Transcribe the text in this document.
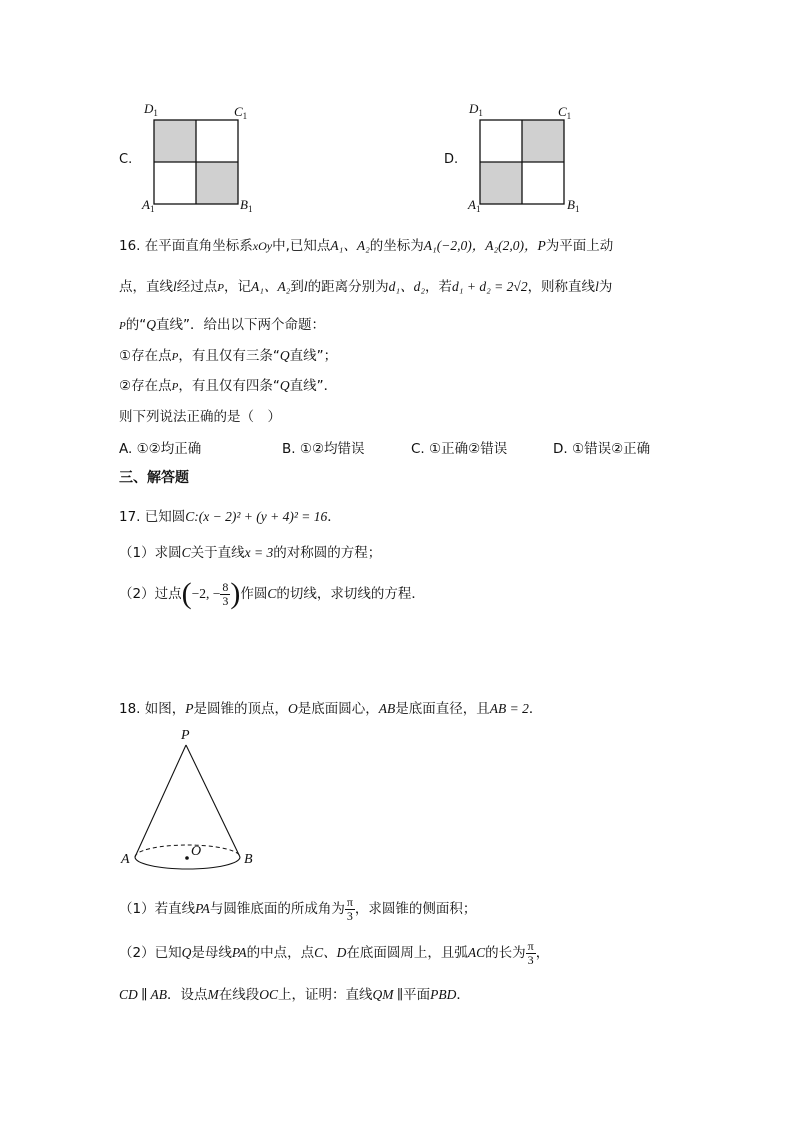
C.
$D_1$	$C_1$
$A_1$	$B_1$
D.
$D_1$	$C_1$
$A_1$	$B_1$
16. 在平面直角坐标系xOy中,已知点A₁、A₂的坐标为A₁(−2,0)，A₂(2,0)，P为平面上动
点，直线l经过点P，记A₁、A₂到l的距离分别为d₁、d₂，若d₁ + d₂ = 2√2，则称直线l为
P的“Q直线”．给出以下两个命题：
①存在点P，有且仅有三条“Q直线”；
②存在点P，有且仅有四条“Q直线”．
则下列说法正确的是（　）
A. ①②均正确	B. ①②均错误	C. ①正确②错误	D. ①错误②正确
三、解答题
17. 已知圆C:(x − 2)² + (y + 4)² = 16．
（1）求圆C关于直线x = 3的对称圆的方程；
（2）过点(−2, − $\frac{8}{3}$ )作圆C的切线，求切线的方程．
18. 如图，P是圆锥的顶点，O是底面圆心，AB是底面直径，且AB = 2．
P
A	B
O
（1）若直线PA与圆锥底面的所成角为 $\frac{\pi}{3}$ ，求圆锥的侧面积；
（2）已知Q是母线PA的中点，点C、D在底面圆周上，且弧AC的长为 $\frac{\pi}{3}$ ，
CD ∥ AB．设点M在线段OC上，证明：直线QM ∥平面PBD．
